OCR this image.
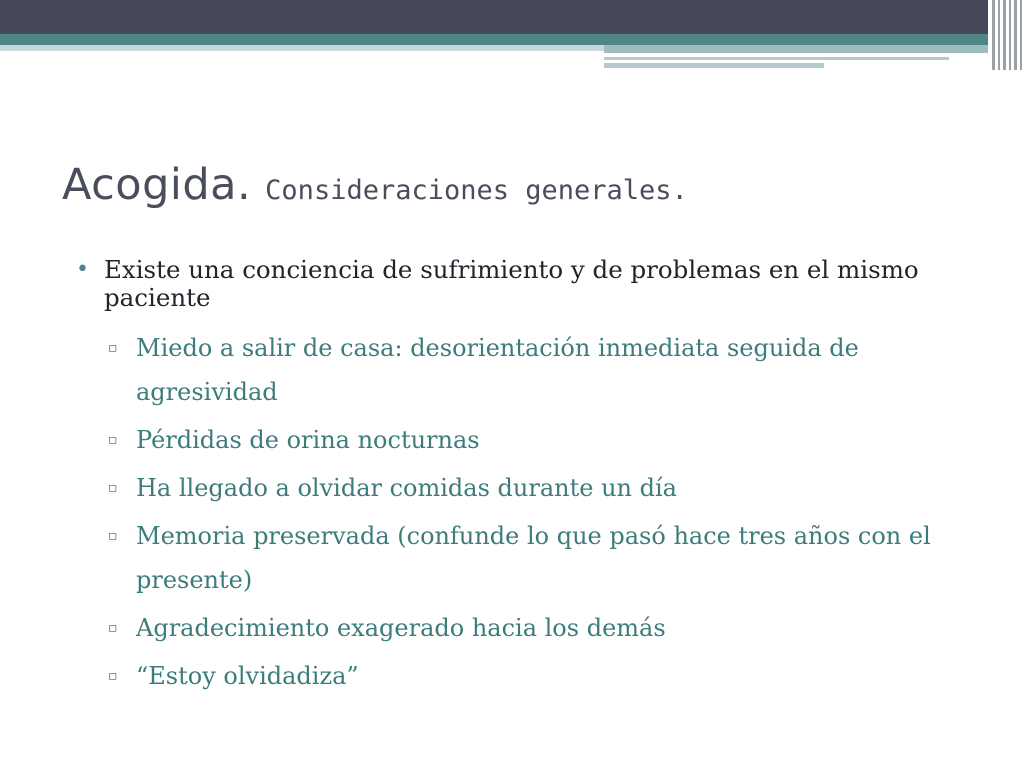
Acogida. Consideraciones generales.
• Existe una conciencia de sufrimiento y de problemas en el mismo paciente
▫ Miedo a salir de casa: desorientación inmediata seguida de agresividad
▫ Pérdidas de orina nocturnas
▫ Ha llegado a olvidar comidas durante un día
▫ Memoria preservada (confunde lo que pasó hace tres años con el presente)
▫ Agradecimiento exagerado hacia los demás
▫ “Estoy olvidadiza”
